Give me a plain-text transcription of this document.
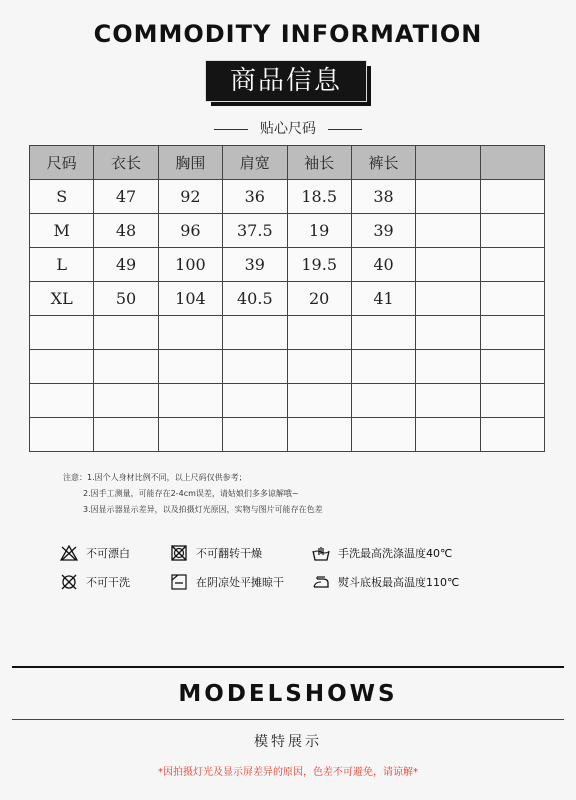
COMMODITY INFORMATION
商品信息
贴心尺码
尺码	衣长	胸围	肩宽	袖长	裤长		
S	47	92	36	18.5	38		
M	48	96	37.5	19	39		
L	49	100	39	19.5	40		
XL	50	104	40.5	20	41		

注意：1.因个人身材比例不同，以上尺码仅供参考；
2.因手工测量，可能存在2-4cm误差，请姑娘们多多谅解哦~
3.因显示器显示差异，以及拍摄灯光原因，实物与图片可能存在色差
不可漂白	不可翻转干燥	手洗最高洗涤温度40℃
不可干洗	在阴凉处平摊晾干	熨斗底板最高温度110℃
MODELSHOWS
模特展示
*因拍摄灯光及显示屏差异的原因，色差不可避免，请谅解*
